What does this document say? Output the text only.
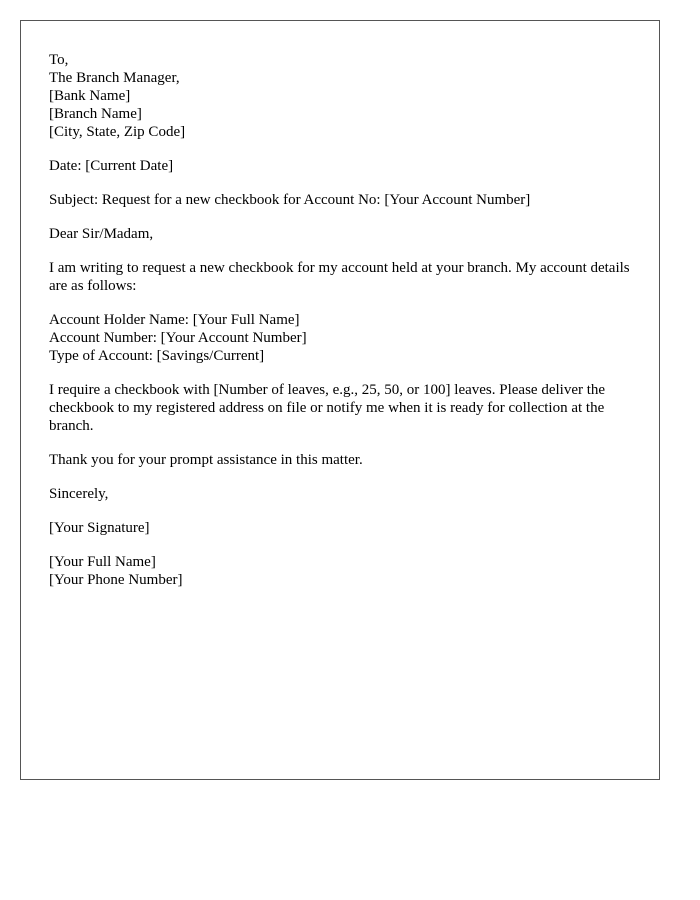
To,
The Branch Manager,
[Bank Name]
[Branch Name]
[City, State, Zip Code]
Date: [Current Date]
Subject: Request for a new checkbook for Account No: [Your Account Number]
Dear Sir/Madam,

I am writing to request a new checkbook for my account held at your branch. My account details are as follows:

Account Holder Name: [Your Full Name]
Account Number: [Your Account Number]
Type of Account: [Savings/Current]

I require a checkbook with [Number of leaves, e.g., 25, 50, or 100] leaves. Please deliver the checkbook to my registered address on file or notify me when it is ready for collection at the branch.

Thank you for your prompt assistance in this matter.
Sincerely,
[Your Signature]
[Your Full Name]
[Your Phone Number]
